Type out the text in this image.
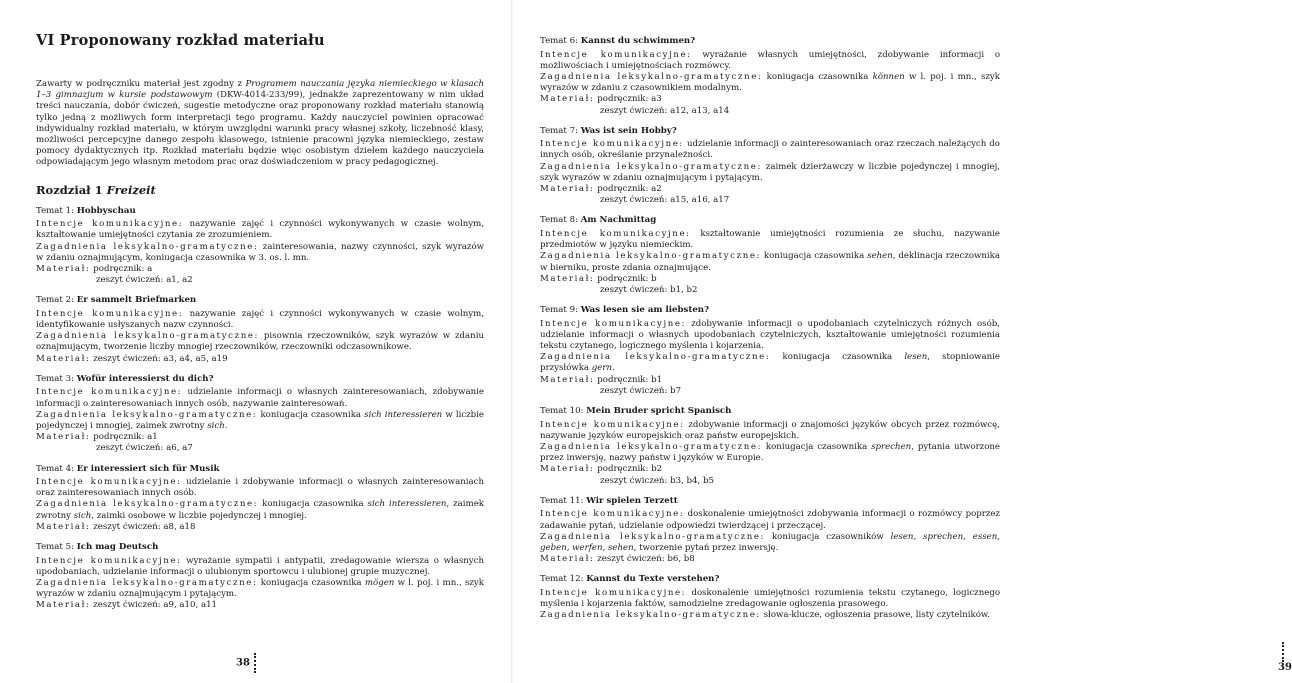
VI Proponowany rozkład materiału

Zawarty w podręczniku materiał jest zgodny z Programem nauczania języka niemieckiego w klasach 1–3 gimnazjum w kursie podstawowym (DKW-4014-233/99), jednakże zaprezentowany w nim układ treści nauczania, dobór ćwiczeń, sugestie metodyczne oraz proponowany rozkład materiału stanowią tylko jedną z możliwych form interpretacji tego programu. Każdy nauczyciel powinien opracować indywidualny rozkład materiału, w którym uwzględni warunki pracy własnej szkoły, liczebność klasy, możliwości percepcyjne danego zespołu klasowego, istnienie pracowni języka niemieckiego, zestaw pomocy dydaktycznych itp. Rozkład materiału będzie więc osobistym dziełem każdego nauczyciela odpowiadającym jego własnym metodom prac oraz doświadczeniom w pracy pedagogicznej.

Rozdział 1 Freizeit
Temat 1: Hobbyschau

Intencje komunikacyjne: nazywanie zajęć i czynności wykonywanych w czasie wolnym, kształtowanie umiejętności czytania ze zrozumieniem.

Zagadnienia leksykalno-gramatyczne: zainteresowania, nazwy czynności, szyk wyrazów w zdaniu oznajmującym, koniugacja czasownika w 3. os. l. mn.

Materiał: podręcznik: a
zeszyt ćwiczeń: a1, a2
Temat 2: Er sammelt Briefmarken

Intencje komunikacyjne: nazywanie zajęć i czynności wykonywanych w czasie wolnym, identyfikowanie usłyszanych nazw czynności.

Zagadnienia leksykalno-gramatyczne: pisownia rzeczowników, szyk wyrazów w zdaniu oznajmującym, tworzenie liczby mnogiej rzeczowników, rzeczowniki odczasownikowe.

Materiał: zeszyt ćwiczeń: a3, a4, a5, a19
Temat 3: Wofür interessierst du dich?

Intencje komunikacyjne: udzielanie informacji o własnych zainteresowaniach, zdobywanie informacji o zainteresowaniach innych osób, nazywanie zainteresowań.

Zagadnienia leksykalno-gramatyczne: koniugacja czasownika sich interessieren w liczbie pojedynczej i mnogiej, zaimek zwrotny sich.

Materiał: podręcznik: a1
zeszyt ćwiczeń: a6, a7
Temat 4: Er interessiert sich für Musik

Intencje komunikacyjne: udzielanie i zdobywanie informacji o własnych zainteresowaniach oraz zainteresowaniach innych osób.

Zagadnienia leksykalno-gramatyczne: koniugacja czasownika sich interessieren, zaimek zwrotny sich, zaimki osobowe w liczbie pojedynczej i mnogiej.

Materiał: zeszyt ćwiczeń: a8, a18
Temat 5: Ich mag Deutsch

Intencje komunikacyjne: wyrażanie sympatii i antypatii, zredagowanie wiersza o własnych upodobaniach, udzielanie informacji o ulubionym sportowcu i ulubionej grupie muzycznej.

Zagadnienia leksykalno-gramatyczne: koniugacja czasownika mögen w l. poj. i mn., szyk wyrazów w zdaniu oznajmującym i pytającym.

Materiał: zeszyt ćwiczeń: a9, a10, a11
38
Temat 6: Kannst du schwimmen?

Intencje komunikacyjne: wyrażanie własnych umiejętności, zdobywanie informacji o możliwościach i umiejętnościach rozmówcy.

Zagadnienia leksykalno-gramatyczne: koniugacja czasownika können w l. poj. i mn., szyk wyrazów w zdaniu z czasownikiem modalnym.

Materiał: podręcznik: a3
zeszyt ćwiczeń: a12, a13, a14
Temat 7: Was ist sein Hobby?

Intencje komunikacyjne: udzielanie informacji o zainteresowaniach oraz rzeczach należących do innych osób, określanie przynależności.

Zagadnienia leksykalno-gramatyczne: zaimek dzierżawczy w liczbie pojedynczej i mnogiej, szyk wyrazów w zdaniu oznajmującym i pytającym.

Materiał: podręcznik: a2
zeszyt ćwiczeń: a15, a16, a17
Temat 8: Am Nachmittag

Intencje komunikacyjne: kształtowanie umiejętności rozumienia ze słuchu, nazywanie przedmiotów w języku niemieckim.

Zagadnienia leksykalno-gramatyczne: koniugacja czasownika sehen, deklinacja rzeczownika w bierniku, proste zdania oznajmujące.

Materiał: podręcznik: b
zeszyt ćwiczeń: b1, b2
Temat 9: Was lesen sie am liebsten?

Intencje komunikacyjne: zdobywanie informacji o upodobaniach czytelniczych różnych osób, udzielanie informacji o własnych upodobaniach czytelniczych, kształtowanie umiejętności rozumienia tekstu czytanego, logicznego myślenia i kojarzenia.

Zagadnienia leksykalno-gramatyczne: koniugacja czasownika lesen, stopniowanie przysłówka gern.

Materiał: podręcznik: b1
zeszyt ćwiczeń: b7
Temat 10: Mein Bruder spricht Spanisch

Intencje komunikacyjne: zdobywanie informacji o znajomości języków obcych przez rozmówcę, nazywanie języków europejskich oraz państw europejskich.

Zagadnienia leksykalno-gramatyczne: koniugacja czasownika sprechen, pytania utworzone przez inwersję, nazwy państw i języków w Europie.

Materiał: podręcznik: b2
zeszyt ćwiczeń: b3, b4, b5
Temat 11: Wir spielen Terzett

Intencje komunikacyjne: doskonalenie umiejętności zdobywania informacji o rozmówcy poprzez zadawanie pytań, udzielanie odpowiedzi twierdzącej i przeczącej.

Zagadnienia leksykalno-gramatyczne: koniugacja czasowników lesen, sprechen, essen, geben, werfen, sehen, tworzenie pytań przez inwersję.

Materiał: zeszyt ćwiczeń: b6, b8
Temat 12: Kannst du Texte verstehen?

Intencje komunikacyjne: doskonalenie umiejętności rozumienia tekstu czytanego, logicznego myślenia i kojarzenia faktów, samodzielne zredagowanie ogłoszenia prasowego.

Zagadnienia leksykalno-gramatyczne: słowa-klucze, ogłoszenia prasowe, listy czytelników.

39
